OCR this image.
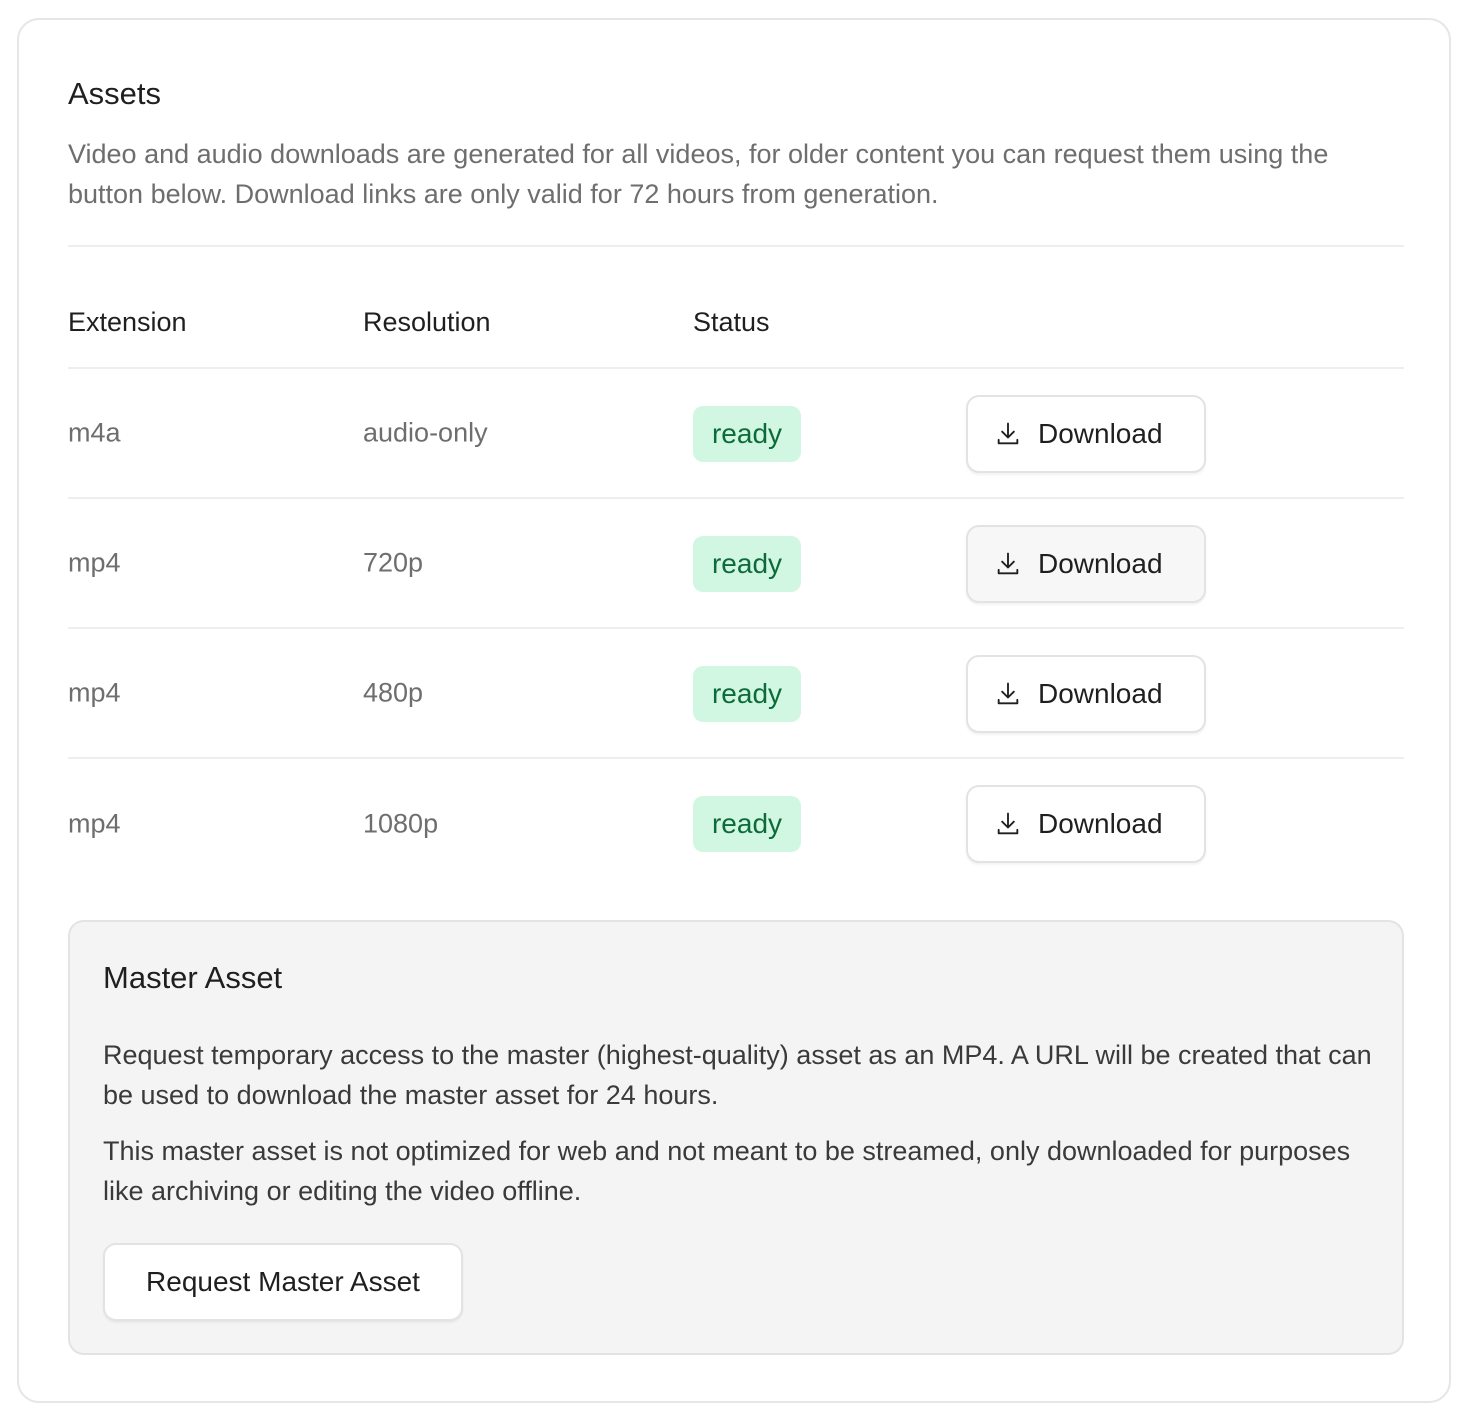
Assets
Video and audio downloads are generated for all videos, for older content you can request them using the button below. Download links are only valid for 72 hours from generation.
Extension	Resolution	Status
m4a	audio-only	ready	Download
mp4	720p	ready	Download
mp4	480p	ready	Download
mp4	1080p	ready	Download
Master Asset
Request temporary access to the master (highest-quality) asset as an MP4. A URL will be created that can be used to download the master asset for 24 hours.
This master asset is not optimized for web and not meant to be streamed, only downloaded for purposes like archiving or editing the video offline.
Request Master Asset
